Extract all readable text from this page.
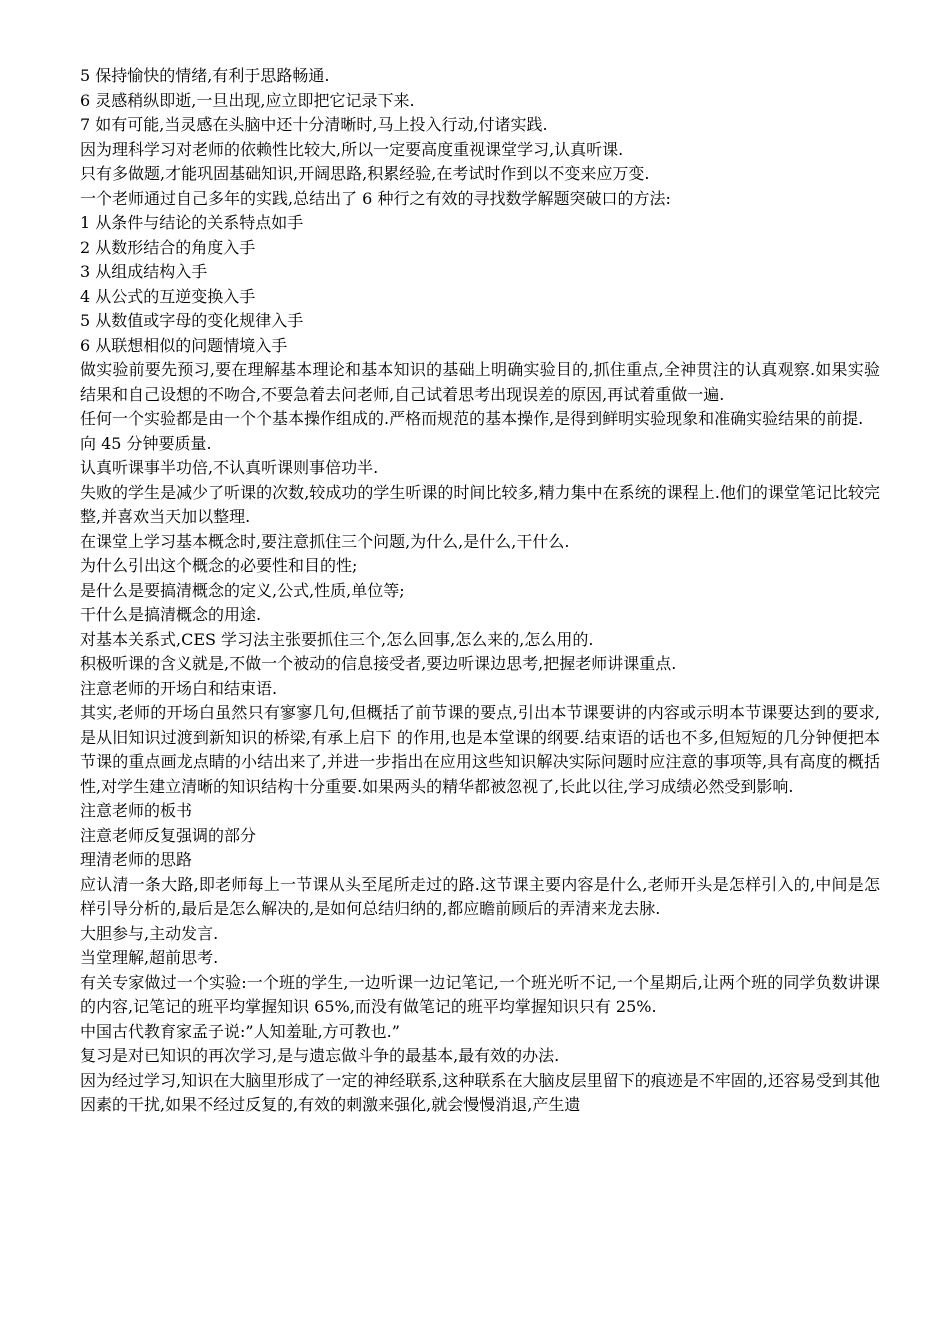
5 保持愉快的情绪,有利于思路畅通.

6 灵感稍纵即逝,一旦出现,应立即把它记录下来.

7 如有可能,当灵感在头脑中还十分清晰时,马上投入行动,付诸实践.

因为理科学习对老师的依赖性比较大,所以一定要高度重视课堂学习,认真听课.

只有多做题,才能巩固基础知识,开阔思路,积累经验,在考试时作到以不变来应万变.

一个老师通过自己多年的实践,总结出了 6 种行之有效的寻找数学解题突破口的方法:

1 从条件与结论的关系特点如手

2 从数形结合的角度入手

3 从组成结构入手

4 从公式的互逆变换入手

5 从数值或字母的变化规律入手

6 从联想相似的问题情境入手

做实验前要先预习,要在理解基本理论和基本知识的基础上明确实验目的,抓住重点,全神贯注的认真观察.如果实验结果和自己设想的不吻合,不要急着去问老师,自己试着思考出现误差的原因,再试着重做一遍.

任何一个实验都是由一个个基本操作组成的.严格而规范的基本操作,是得到鲜明实验现象和准确实验结果的前提.

向 45 分钟要质量.

认真听课事半功倍,不认真听课则事倍功半.

失败的学生是减少了听课的次数,较成功的学生听课的时间比较多,精力集中在系统的课程上.他们的课堂笔记比较完整,并喜欢当天加以整理.

在课堂上学习基本概念时,要注意抓住三个问题,为什么,是什么,干什么.

为什么引出这个概念的必要性和目的性;

是什么是要搞清概念的定义,公式,性质,单位等;

干什么是搞清概念的用途.

对基本关系式,CES 学习法主张要抓住三个,怎么回事,怎么来的,怎么用的.

积极听课的含义就是,不做一个被动的信息接受者,要边听课边思考,把握老师讲课重点.

注意老师的开场白和结束语.

其实,老师的开场白虽然只有寥寥几句,但概括了前节课的要点,引出本节课要讲的内容或示明本节课要达到的要求,是从旧知识过渡到新知识的桥梁,有承上启下 的作用,也是本堂课的纲要.结束语的话也不多,但短短的几分钟便把本节课的重点画龙点睛的小结出来了,并进一步指出在应用这些知识解决实际问题时应注意的事项等,具有高度的概括性,对学生建立清晰的知识结构十分重要.如果两头的精华都被忽视了,长此以往,学习成绩必然受到影响.

注意老师的板书

注意老师反复强调的部分

理清老师的思路

应认清一条大路,即老师每上一节课从头至尾所走过的路.这节课主要内容是什么,老师开头是怎样引入的,中间是怎样引导分析的,最后是怎么解决的,是如何总结归纳的,都应瞻前顾后的弄清来龙去脉.

大胆参与,主动发言.

当堂理解,超前思考.

有关专家做过一个实验:一个班的学生,一边听课一边记笔记,一个班光听不记,一个星期后,让两个班的同学负数讲课的内容,记笔记的班平均掌握知识 65%,而没有做笔记的班平均掌握知识只有 25%.

中国古代教育家孟子说:”人知羞耻,方可教也.”

复习是对已知识的再次学习,是与遗忘做斗争的最基本,最有效的办法.

因为经过学习,知识在大脑里形成了一定的神经联系,这种联系在大脑皮层里留下的痕迹是不牢固的,还容易受到其他因素的干扰,如果不经过反复的,有效的刺激来强化,就会慢慢消退,产生遗
